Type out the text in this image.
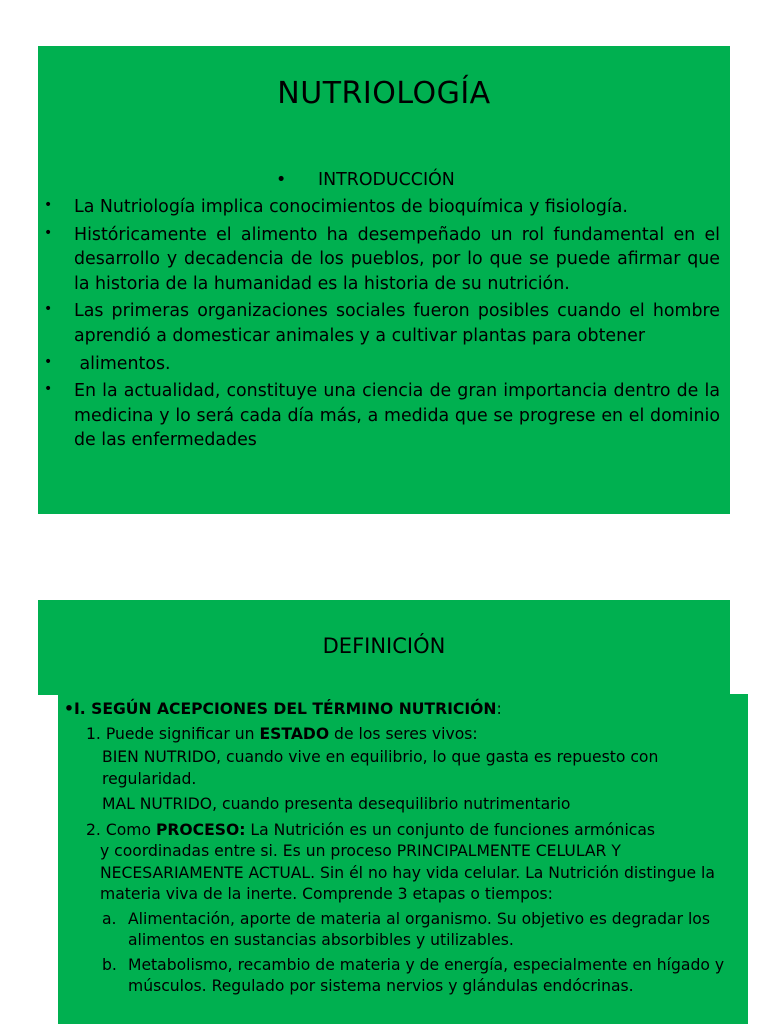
NUTRIOLOGÍA

• INTRODUCCIÓN

• La Nutriología implica conocimientos de bioquímica y fisiología.
• Históricamente el alimento ha desempeñado un rol fundamental en el desarrollo y decadencia de los pueblos, por lo que se puede afirmar que la historia de la humanidad es la historia de su nutrición.
• Las primeras organizaciones sociales fueron posibles cuando el hombre aprendió a domesticar animales y a cultivar plantas para obtener
• alimentos.
• En la actualidad, constituye una ciencia de gran importancia dentro de la medicina y lo será cada día más, a medida que se progrese en el dominio de las enfermedades
DEFINICIÓN

•I. SEGÚN ACEPCIONES DEL TÉRMINO NUTRICIÓN:

1. Puede significar un ESTADO de los seres vivos:

BIEN NUTRIDO, cuando vive en equilibrio, lo que gasta es repuesto con regularidad.

MAL NUTRIDO, cuando presenta desequilibrio nutrimentario

2. Como PROCESO: La Nutrición es un conjunto de funciones armónicas
y coordinadas entre si. Es un proceso PRINCIPALMENTE CELULAR Y NECESARIAMENTE ACTUAL. Sin él no hay vida celular. La Nutrición distingue la materia viva de la inerte. Comprende 3 etapas o tiempos:

a. Alimentación, aporte de materia al organismo. Su objetivo es degradar los alimentos en sustancias absorbibles y utilizables.

b. Metabolismo, recambio de materia y de energía, especialmente en hígado y músculos. Regulado por sistema nervios y glándulas endócrinas.
